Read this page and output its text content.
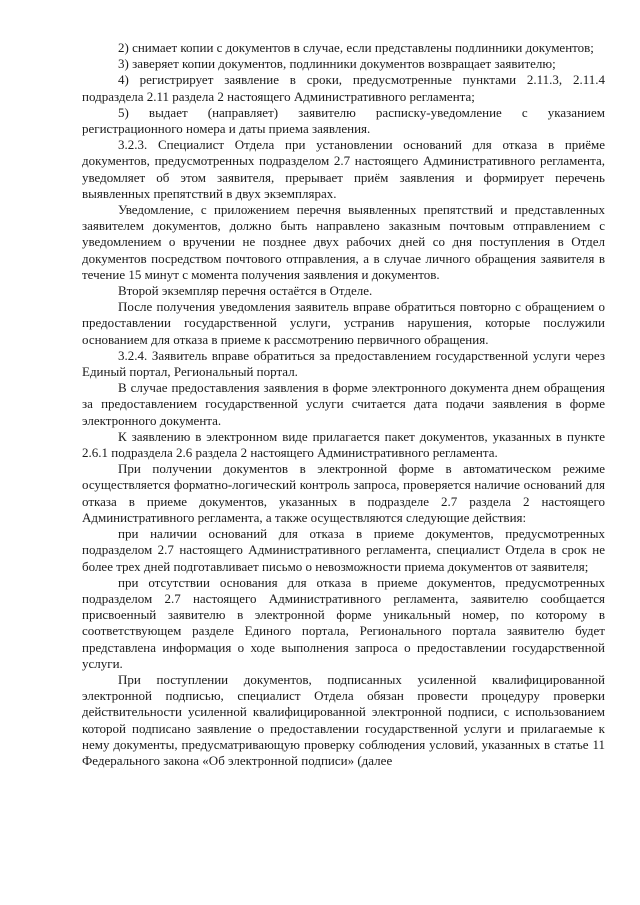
2) снимает копии с документов в случае, если представлены подлинники документов;

3) заверяет копии документов, подлинники документов возвращает заявителю;

4) регистрирует заявление в сроки, предусмотренные пунктами 2.11.3, 2.11.4 подраздела 2.11 раздела 2 настоящего Административного регламента;

5) выдает (направляет) заявителю расписку-уведомление с указанием регистрационного номера и даты приема заявления.

3.2.3. Специалист Отдела при установлении оснований для отказа в приёме документов, предусмотренных подразделом 2.7 настоящего Административного регламента, уведомляет об этом заявителя, прерывает приём заявления и формирует перечень выявленных препятствий в двух экземплярах.

Уведомление, с приложением перечня выявленных препятствий и представленных заявителем документов, должно быть направлено заказным почтовым отправлением с уведомлением о вручении не позднее двух рабочих дней со дня поступления в Отдел документов посредством почтового отправления, а в случае личного обращения заявителя в течение 15 минут с момента получения заявления и документов.

Второй экземпляр перечня остаётся в Отделе.

После получения уведомления заявитель вправе обратиться повторно с обращением о предоставлении государственной услуги, устранив нарушения, которые послужили основанием для отказа в приеме к рассмотрению первичного обращения.

3.2.4. Заявитель вправе обратиться за предоставлением государственной услуги через Единый портал, Региональный портал.

В случае предоставления заявления в форме электронного документа днем обращения за предоставлением государственной услуги считается дата подачи заявления в форме электронного документа.

К заявлению в электронном виде прилагается пакет документов, указанных в пункте 2.6.1 подраздела 2.6 раздела 2 настоящего Административного регламента.

При получении документов в электронной форме в автоматическом режиме осуществляется форматно-логический контроль запроса, проверяется наличие оснований для отказа в приеме документов, указанных в подразделе 2.7 раздела 2 настоящего Административного регламента, а также осуществляются следующие действия:

при наличии оснований для отказа в приеме документов, предусмотренных подразделом 2.7 настоящего Административного регламента, специалист Отдела в срок не более трех дней подготавливает письмо о невозможности приема документов от заявителя;

при отсутствии основания для отказа в приеме документов, предусмотренных подразделом 2.7 настоящего Административного регламента, заявителю сообщается присвоенный заявителю в электронной форме уникальный номер, по которому в соответствующем разделе Единого портала, Регионального портала заявителю будет представлена информация о ходе выполнения запроса о предоставлении государственной услуги.

При поступлении документов, подписанных усиленной квалифицированной электронной подписью, специалист Отдела обязан провести процедуру проверки действительности усиленной квалифицированной электронной подписи, с использованием которой подписано заявление о предоставлении государственной услуги и прилагаемые к нему документы, предусматривающую проверку соблюдения условий, указанных в статье 11 Федерального закона «Об электронной подписи» (далее
